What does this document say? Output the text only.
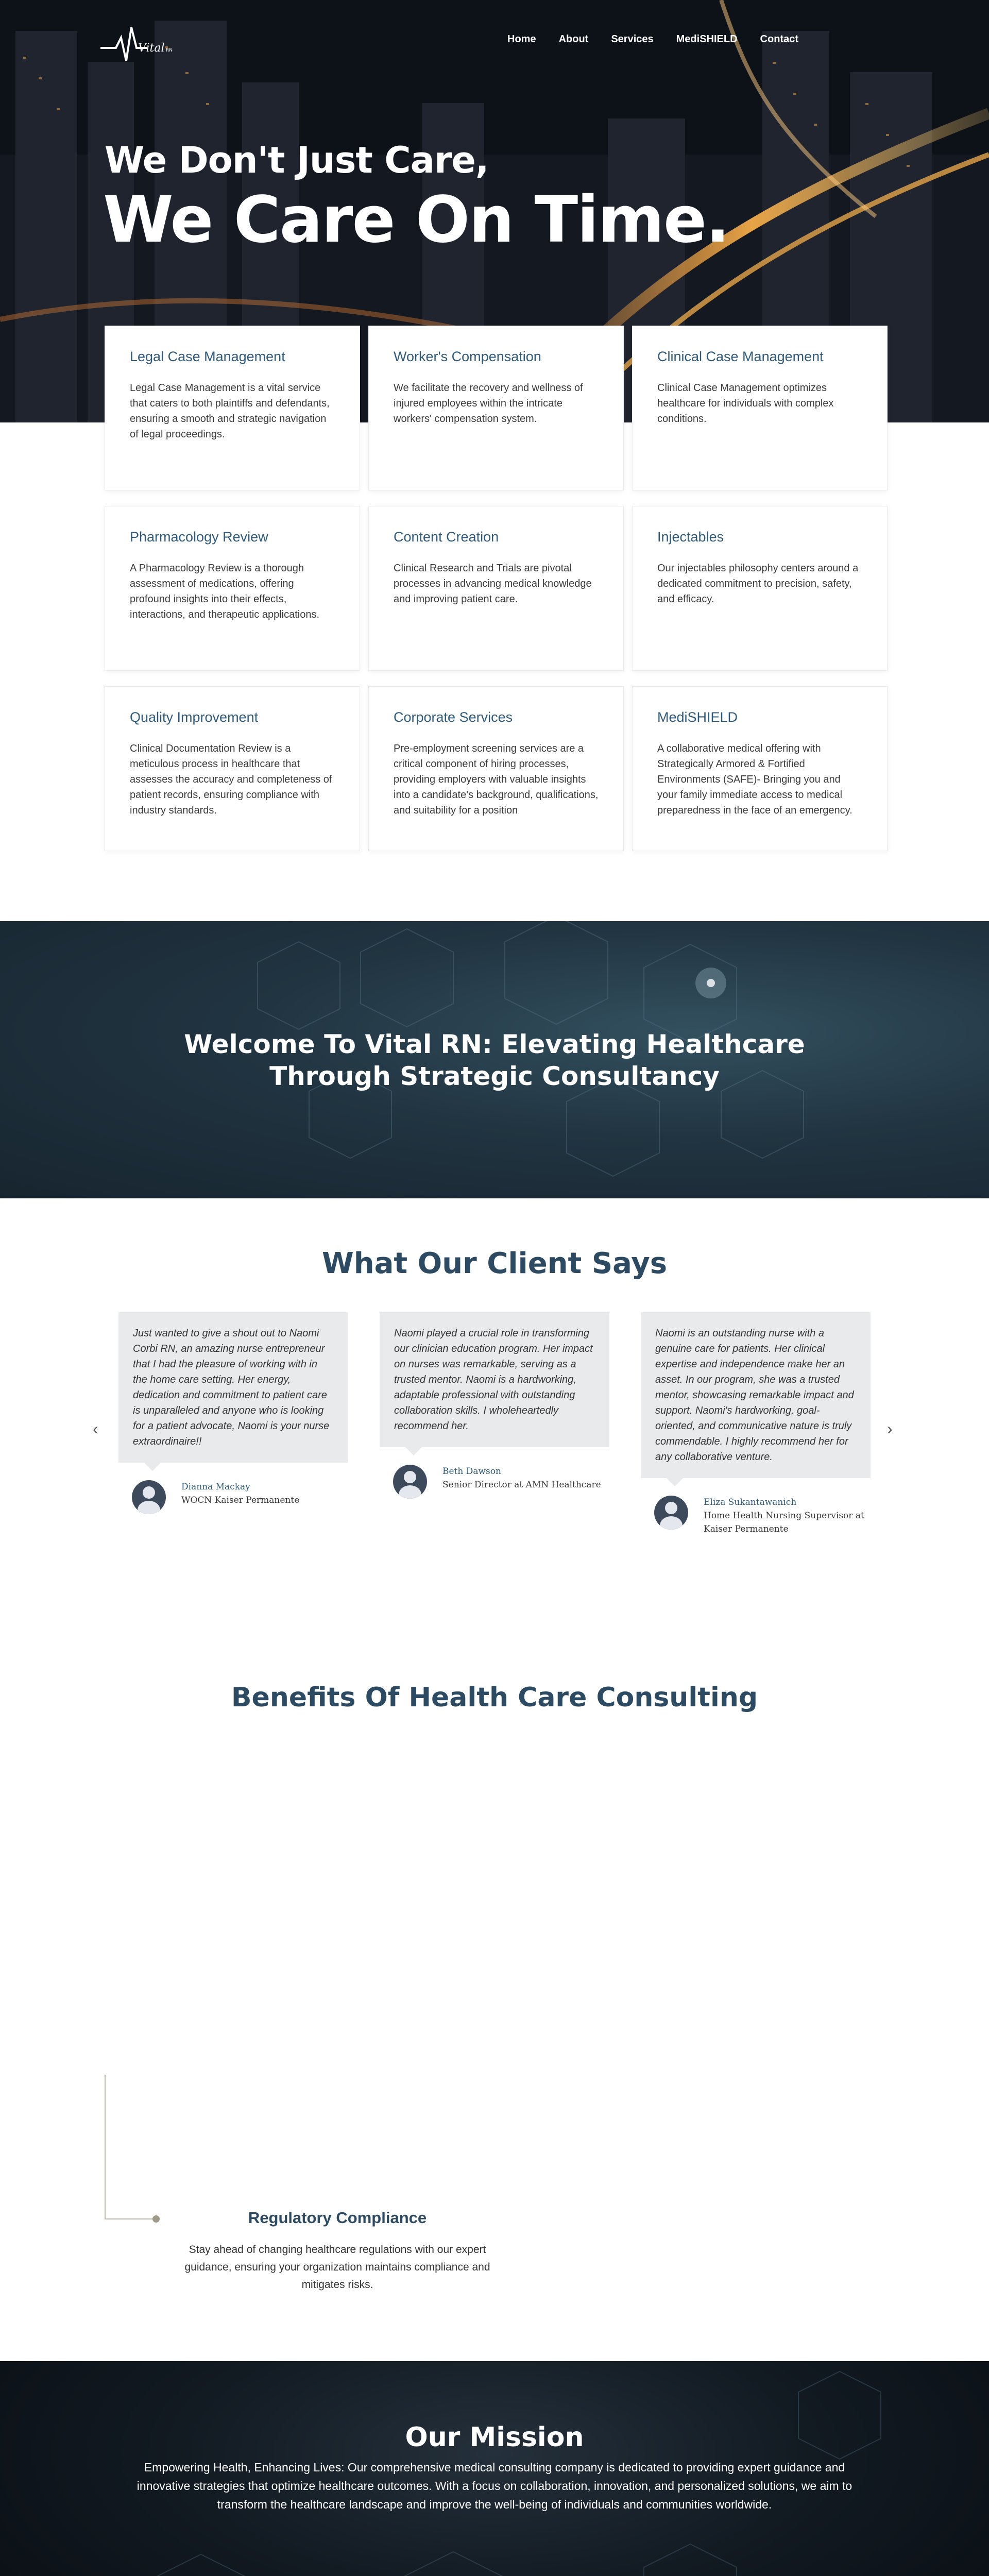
Vital RN
Home About Services MediSHIELD Contact
We Don't Just Care,
We Care On Time.
Legal Case Management

Legal Case Management is a vital service that caters to both plaintiffs and defendants, ensuring a smooth and strategic navigation of legal proceedings.

Worker's Compensation

We facilitate the recovery and wellness of injured employees within the intricate workers' compensation system.

Clinical Case Management

Clinical Case Management optimizes healthcare for individuals with complex conditions.

Pharmacology Review

A Pharmacology Review is a thorough assessment of medications, offering profound insights into their effects, interactions, and therapeutic applications.

Content Creation

Clinical Research and Trials are pivotal processes in advancing medical knowledge and improving patient care.

Injectables

Our injectables philosophy centers around a dedicated commitment to precision, safety, and efficacy.

Quality Improvement

Clinical Documentation Review is a meticulous process in healthcare that assesses the accuracy and completeness of patient records, ensuring compliance with industry standards.

Corporate Services

Pre-employment screening services are a critical component of hiring processes, providing employers with valuable insights into a candidate's background, qualifications, and suitability for a position

MediSHIELD

A collaborative medical offering with Strategically Armored & Fortified Environments (SAFE)- Bringing you and your family immediate access to medical preparedness in the face of an emergency.

Welcome To Vital RN: Elevating Healthcare Through Strategic Consultancy
What Our Client Says
‹	›
Just wanted to give a shout out to Naomi Corbi RN, an amazing nurse entrepreneur that I had the pleasure of working with in the home care setting. Her energy, dedication and commitment to patient care is unparalleled and anyone who is looking for a patient advocate, Naomi is your nurse extraordinaire!!
Dianna Mackay
WOCN Kaiser Permanente
Naomi played a crucial role in transforming our clinician education program. Her impact on nurses was remarkable, serving as a trusted mentor. Naomi is a hardworking, adaptable professional with outstanding collaboration skills. I wholeheartedly recommend her.
Beth Dawson
Senior Director at AMN Healthcare
Naomi is an outstanding nurse with a genuine care for patients. Her clinical expertise and independence make her an asset. In our program, she was a trusted mentor, showcasing remarkable impact and support. Naomi's hardworking, goal-oriented, and communicative nature is truly commendable. I highly recommend her for any collaborative venture.
Eliza Sukantawanich
Home Health Nursing Supervisor at Kaiser Permanente
Benefits Of Health Care Consulting
Regulatory Compliance

Stay ahead of changing healthcare regulations with our expert guidance, ensuring your organization maintains compliance and mitigates risks.

Our Mission

Empowering Health, Enhancing Lives: Our comprehensive medical consulting company is dedicated to providing expert guidance and innovative strategies that optimize healthcare outcomes. With a focus on collaboration, innovation, and personalized solutions, we aim to transform the healthcare landscape and improve the well-being of individuals and communities worldwide.
